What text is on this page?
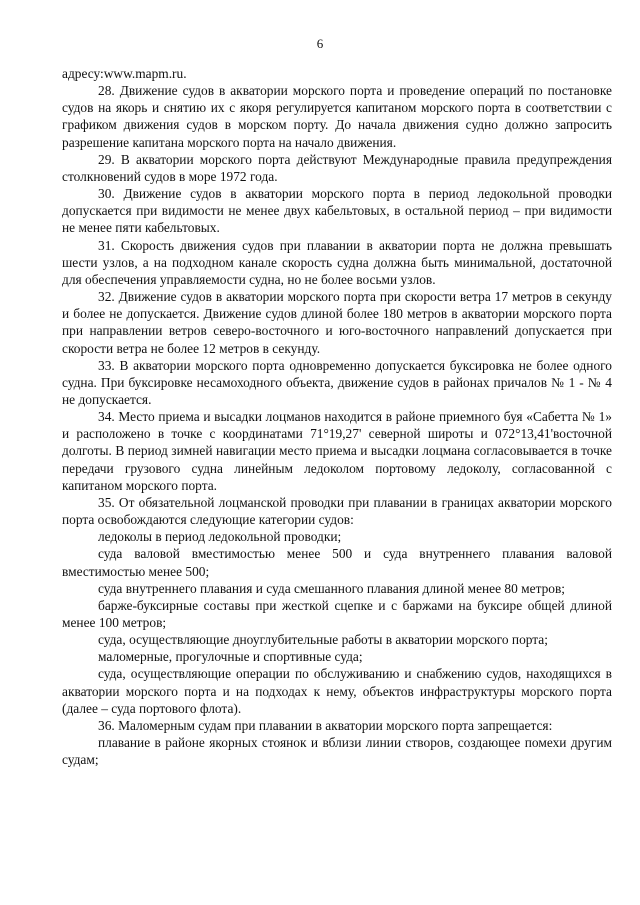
6

адресу:www.mapm.ru.

28. Движение судов в акватории морского порта и проведение операций по постановке судов на якорь и снятию их с якоря регулируется капитаном морского порта в соответствии с графиком движения судов в морском порту. До начала движения судно должно запросить разрешение капитана морского порта на начало движения.

29. В акватории морского порта действуют Международные правила предупреждения столкновений судов в море 1972 года.

30. Движение судов в акватории морского порта в период ледокольной проводки допускается при видимости не менее двух кабельтовых, в остальной период – при видимости не менее пяти кабельтовых.

31. Скорость движения судов при плавании в акватории порта не должна превышать шести узлов, а на подходном канале скорость судна должна быть минимальной, достаточной для обеспечения управляемости судна, но не более восьми узлов.

32. Движение судов в акватории морского порта при скорости ветра 17 метров в секунду и более не допускается. Движение судов длиной более 180 метров в акватории морского порта при направлении ветров северо-восточного и юго-восточного направлений допускается при скорости ветра не более 12 метров в секунду.

33. В акватории морского порта одновременно допускается буксировка не более одного судна. При буксировке несамоходного объекта, движение судов в районах причалов № 1 - № 4 не допускается.

34. Место приема и высадки лоцманов находится в районе приемного буя «Сабетта № 1» и расположено в точке с координатами 71°19,27' северной широты и 072°13,41'восточной долготы. В период зимней навигации место приема и высадки лоцмана согласовывается в точке передачи грузового судна линейным ледоколом портовому ледоколу, согласованной с капитаном морского порта.

35. От обязательной лоцманской проводки при плавании в границах акватории морского порта освобождаются следующие категории судов:

ледоколы в период ледокольной проводки;

суда валовой вместимостью менее 500 и суда внутреннего плавания валовой вместимостью менее 500;

суда внутреннего плавания и суда смешанного плавания длиной менее 80 метров;

барже-буксирные составы при жесткой сцепке и с баржами на буксире общей длиной менее 100 метров;

суда, осуществляющие дноуглубительные работы в акватории морского порта;

маломерные, прогулочные и спортивные суда;

суда, осуществляющие операции по обслуживанию и снабжению судов, находящихся в акватории морского порта и на подходах к нему, объектов инфраструктуры морского порта (далее – суда портового флота).

36. Маломерным судам при плавании в акватории морского порта запрещается:

плавание в районе якорных стоянок и вблизи линии створов, создающее помехи другим судам;
